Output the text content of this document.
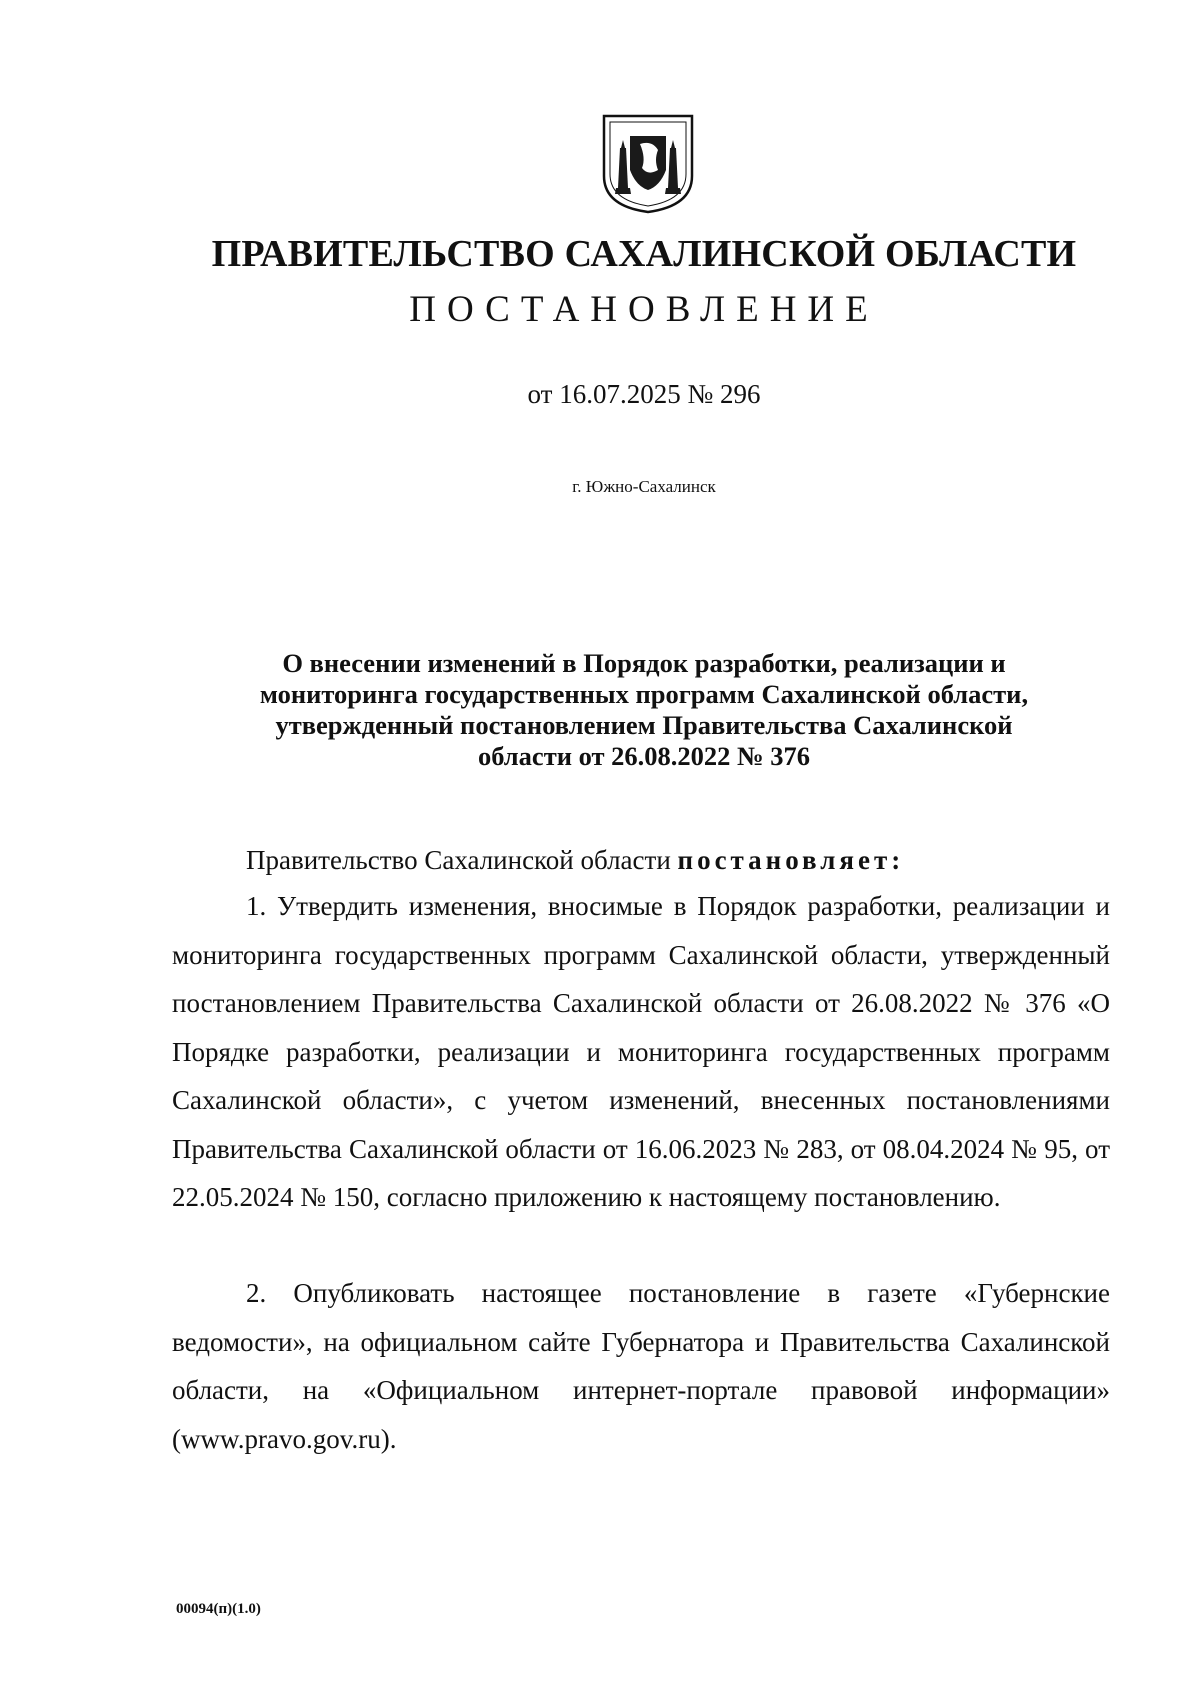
ПРАВИТЕЛЬСТВО САХАЛИНСКОЙ ОБЛАСТИ
ПОСТАНОВЛЕНИЕ
от 16.07.2025 № 296
г. Южно-Сахалинск
О внесении изменений в Порядок разработки, реализации и мониторинга государственных программ Сахалинской области, утвержденный постановлением Правительства Сахалинской области от 26.08.2022 № 376
Правительство Сахалинской области постановляет:
1. Утвердить изменения, вносимые в Порядок разработки, реализации и мониторинга государственных программ Сахалинской области, утвержденный постановлением Правительства Сахалинской области от 26.08.2022 № 376 «О Порядке разработки, реализации и мониторинга государственных программ Сахалинской области», с учетом изменений, внесенных постановлениями Правительства Сахалинской области от 16.06.2023 № 283, от 08.04.2024 № 95, от 22.05.2024 № 150, согласно приложению к настоящему постановлению.
2. Опубликовать настоящее постановление в газете «Губернские ведомости», на официальном сайте Губернатора и Правительства Сахалинской области, на «Официальном интернет-портале правовой информации» (www.pravo.gov.ru).
00094(п)(1.0)
